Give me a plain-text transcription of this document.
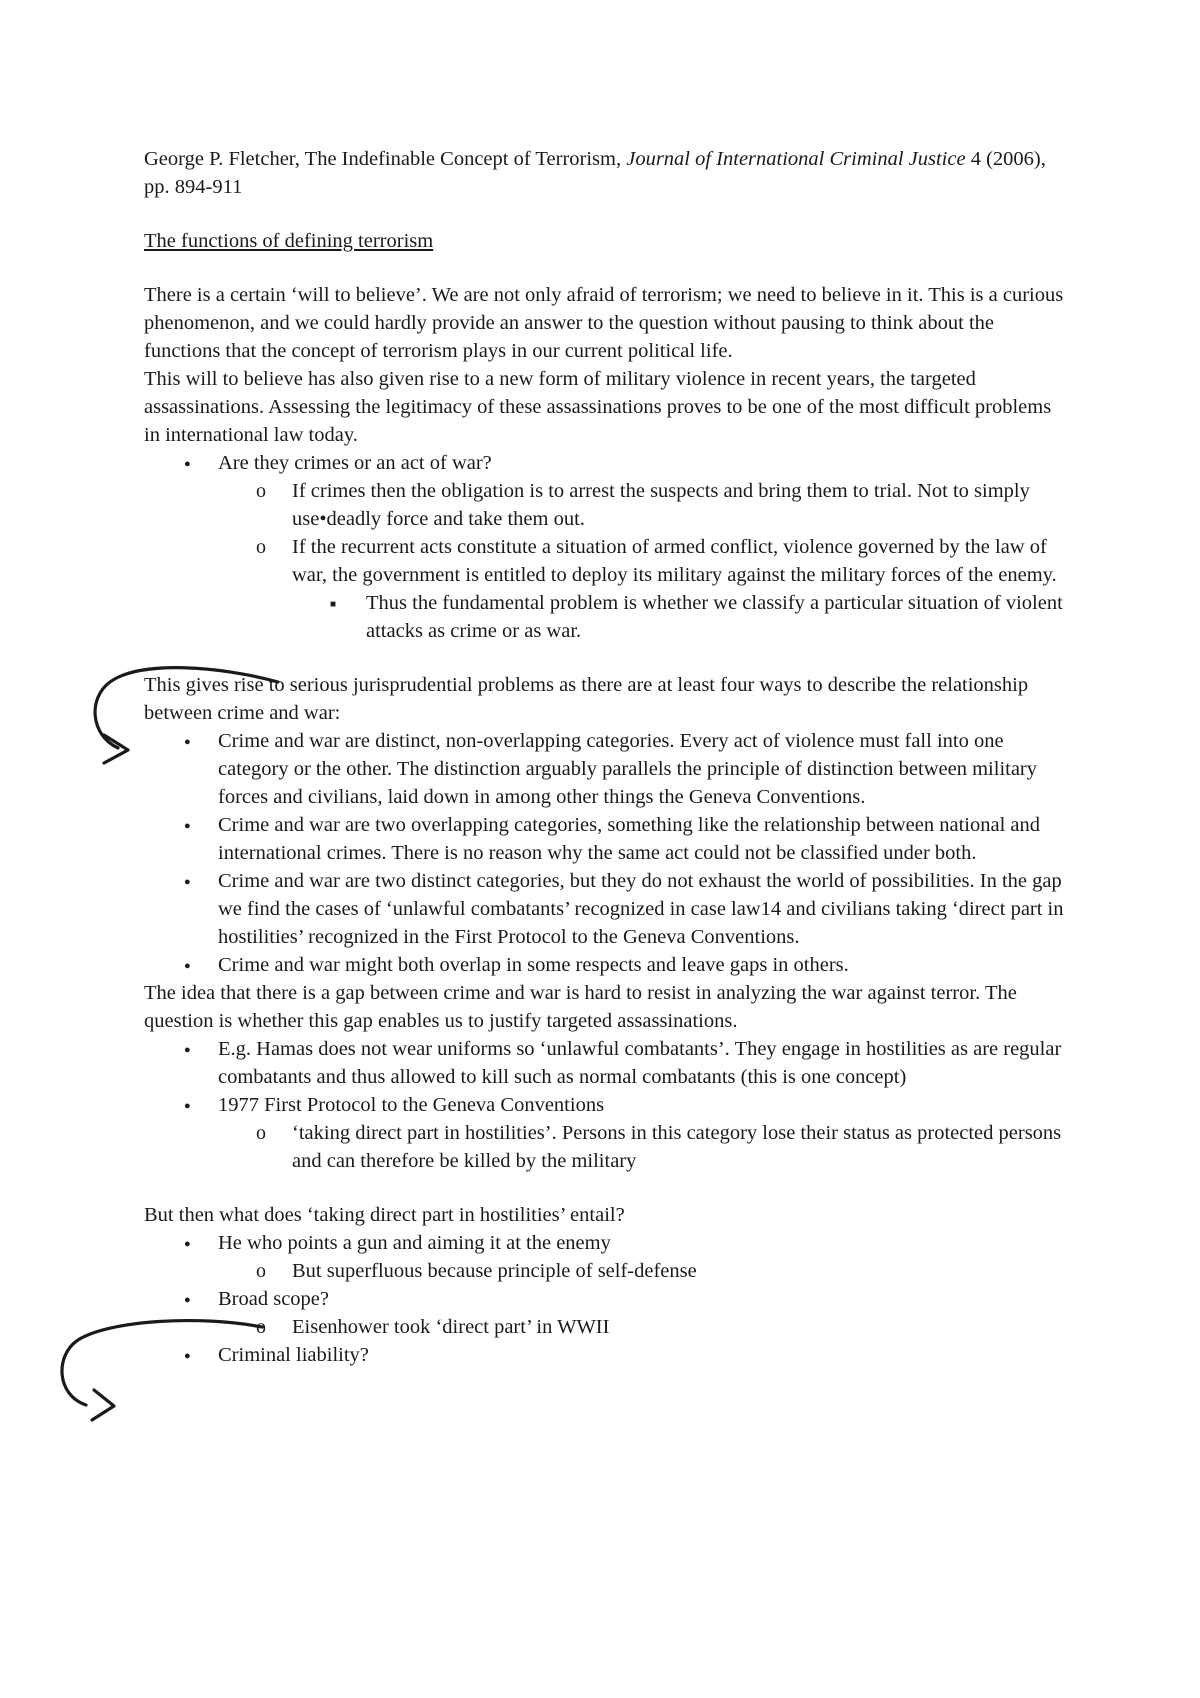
George P. Fletcher, The Indefinable Concept of Terrorism, Journal of International Criminal Justice 4 (2006), pp. 894-911

The functions of defining terrorism

There is a certain ‘will to believe’. We are not only afraid of terrorism; we need to believe in it. This is a curious phenomenon, and we could hardly provide an answer to the question without pausing to think about the functions that the concept of terrorism plays in our current political life.

This will to believe has also given rise to a new form of military violence in recent years, the targeted assassinations. Assessing the legitimacy of these assassinations proves to be one of the most difficult problems in international law today.

●
Are they crimes or an act of war?
o
If crimes then the obligation is to arrest the suspects and bring them to trial. Not to simply use•deadly force and take them out.
o
If the recurrent acts constitute a situation of armed conflict, violence governed by the law of war, the government is entitled to deploy its military against the military forces of the enemy.
■
Thus the fundamental problem is whether we classify a particular situation of violent attacks as crime or as war.

This gives rise to serious jurisprudential problems as there are at least four ways to describe the relationship between crime and war:

●
Crime and war are distinct, non-overlapping categories. Every act of violence must fall into one category or the other. The distinction arguably parallels the principle of distinction between military forces and civilians, laid down in among other things the Geneva Conventions.
●
Crime and war are two overlapping categories, something like the relationship between national and international crimes. There is no reason why the same act could not be classified under both.
●
Crime and war are two distinct categories, but they do not exhaust the world of possibilities. In the gap we find the cases of ‘unlawful combatants’ recognized in case law14 and civilians taking ‘direct part in hostilities’ recognized in the First Protocol to the Geneva Conventions.
●
Crime and war might both overlap in some respects and leave gaps in others.

The idea that there is a gap between crime and war is hard to resist in analyzing the war against terror. The question is whether this gap enables us to justify targeted assassinations.

●
E.g. Hamas does not wear uniforms so ‘unlawful combatants’. They engage in hostilities as are regular combatants and thus allowed to kill such as normal combatants (this is one concept)
●
1977 First Protocol to the Geneva Conventions
o
‘taking direct part in hostilities’. Persons in this category lose their status as protected persons and can therefore be killed by the military

But then what does ‘taking direct part in hostilities’ entail?

●
He who points a gun and aiming it at the enemy
o
But superfluous because principle of self-defense
●
Broad scope?
o
Eisenhower took ‘direct part’ in WWII
●
Criminal liability?
